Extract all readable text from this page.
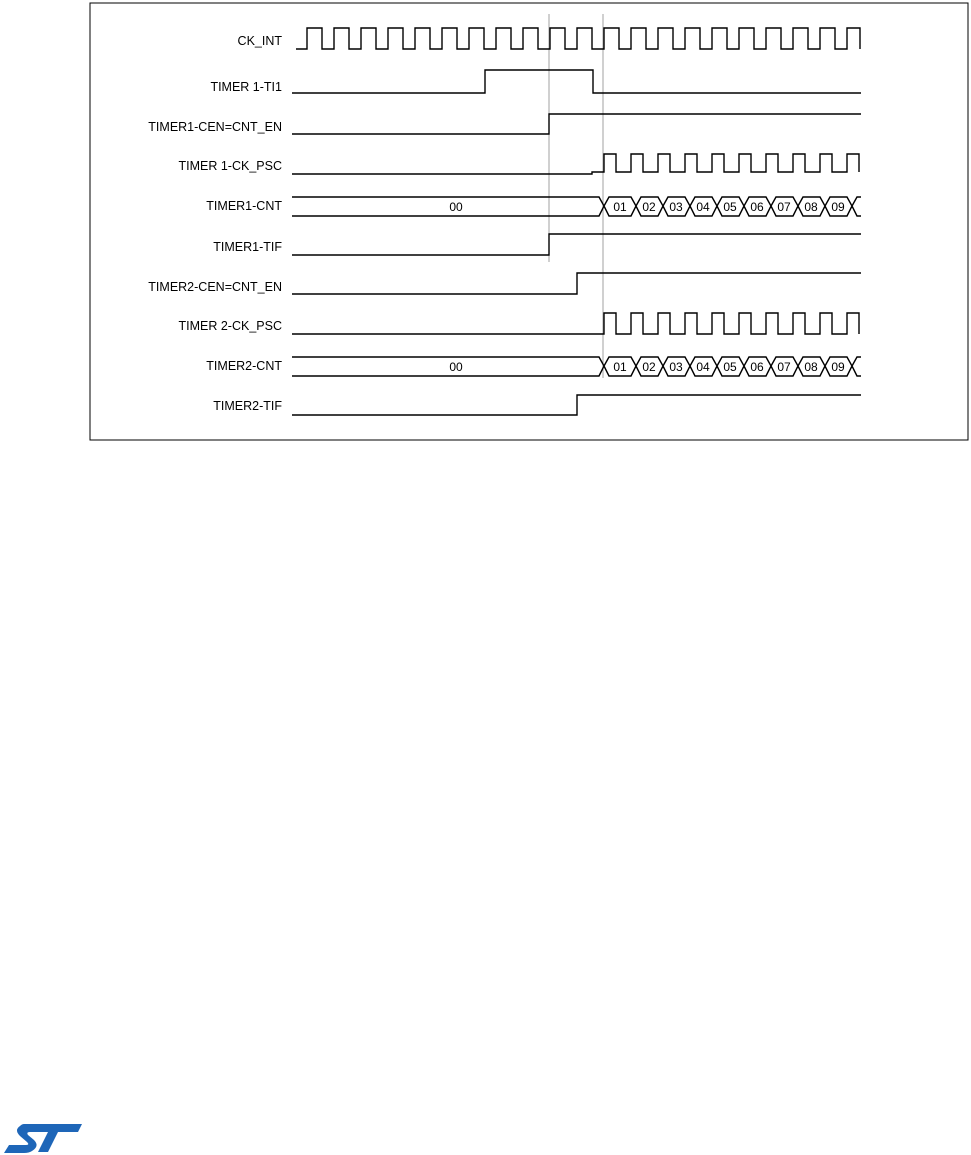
CK_INT
TIMER 1-TI1
TIMER1-CEN=CNT_EN
TIMER 1-CK_PSC
TIMER1-CNT
TIMER1-TIF
TIMER2-CEN=CNT_EN
TIMER 2-CK_PSC
TIMER2-CNT
TIMER2-TIF
00	01 02 03 04 05 06 07 08 09
00	01 02 03 04 05 06 07 08 09
